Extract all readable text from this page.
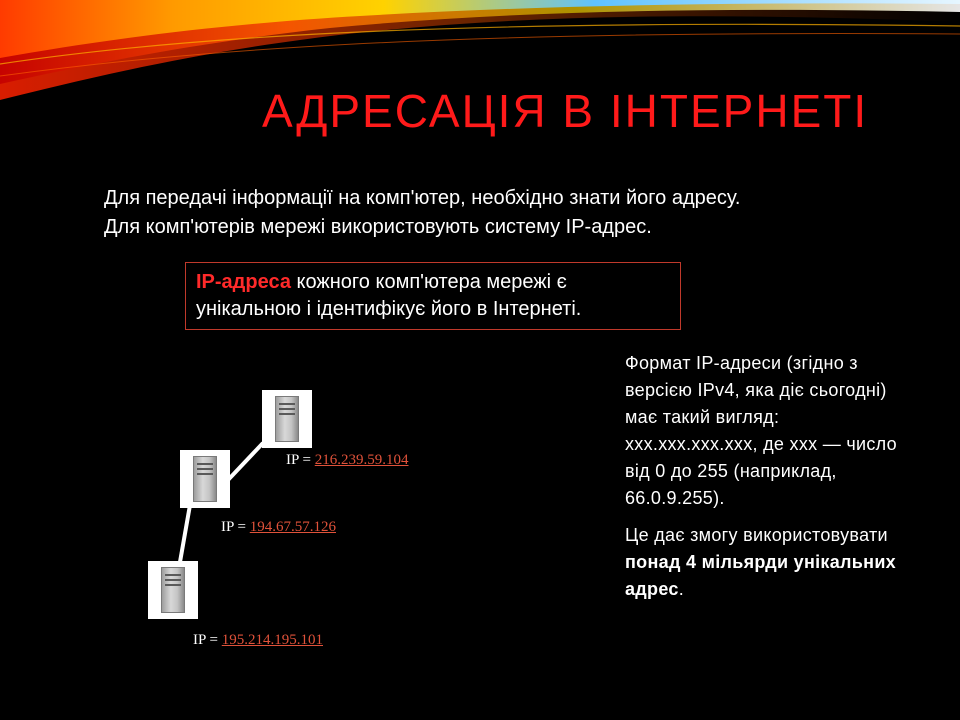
АДРЕСАЦІЯ В ІНТЕРНЕТІ

Для передачі інформації на комп'ютер, необхідно знати його адресу.

Для комп'ютерів мережі використовують систему IP-адрес.

IP-адреса кожного комп'ютера мережі є унікальною і ідентифікує його в Інтернеті.

Формат IP-адреси (згідно з версією IPv4, яка діє сьогодні) має такий вигляд: xxx.xxx.xxx.xxx, де xxx — число від 0 до 255 (наприклад, 66.0.9.255).

Це дає змогу використовувати понад 4 мільярди унікальних адрес.

IP = 216.239.59.104
IP = 194.67.57.126
IP = 195.214.195.101
